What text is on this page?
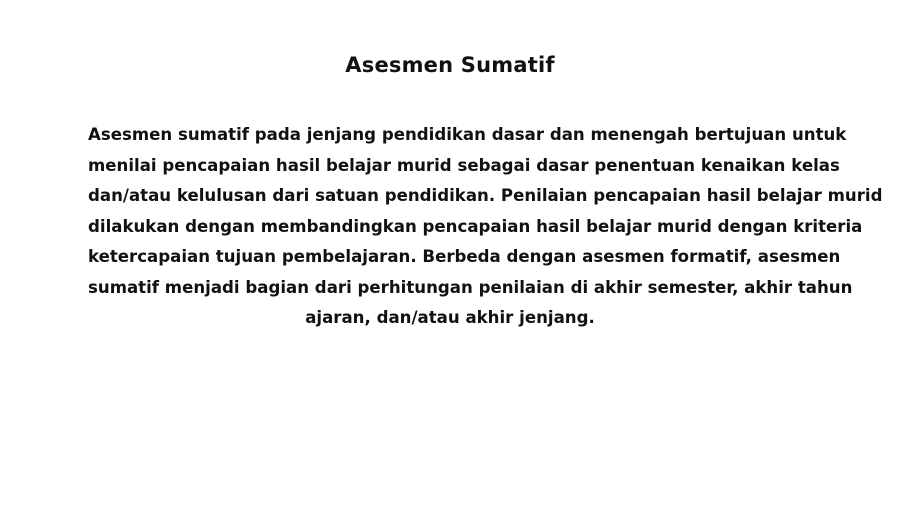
Asesmen Sumatif
Asesmen sumatif pada jenjang pendidikan dasar dan menengah bertujuan untuk
menilai pencapaian hasil belajar murid sebagai dasar penentuan kenaikan kelas
dan/atau kelulusan dari satuan pendidikan. Penilaian pencapaian hasil belajar murid
dilakukan dengan membandingkan pencapaian hasil belajar murid dengan kriteria
ketercapaian tujuan pembelajaran. Berbeda dengan asesmen formatif, asesmen
sumatif menjadi bagian dari perhitungan penilaian di akhir semester, akhir tahun
ajaran, dan/atau akhir jenjang.
